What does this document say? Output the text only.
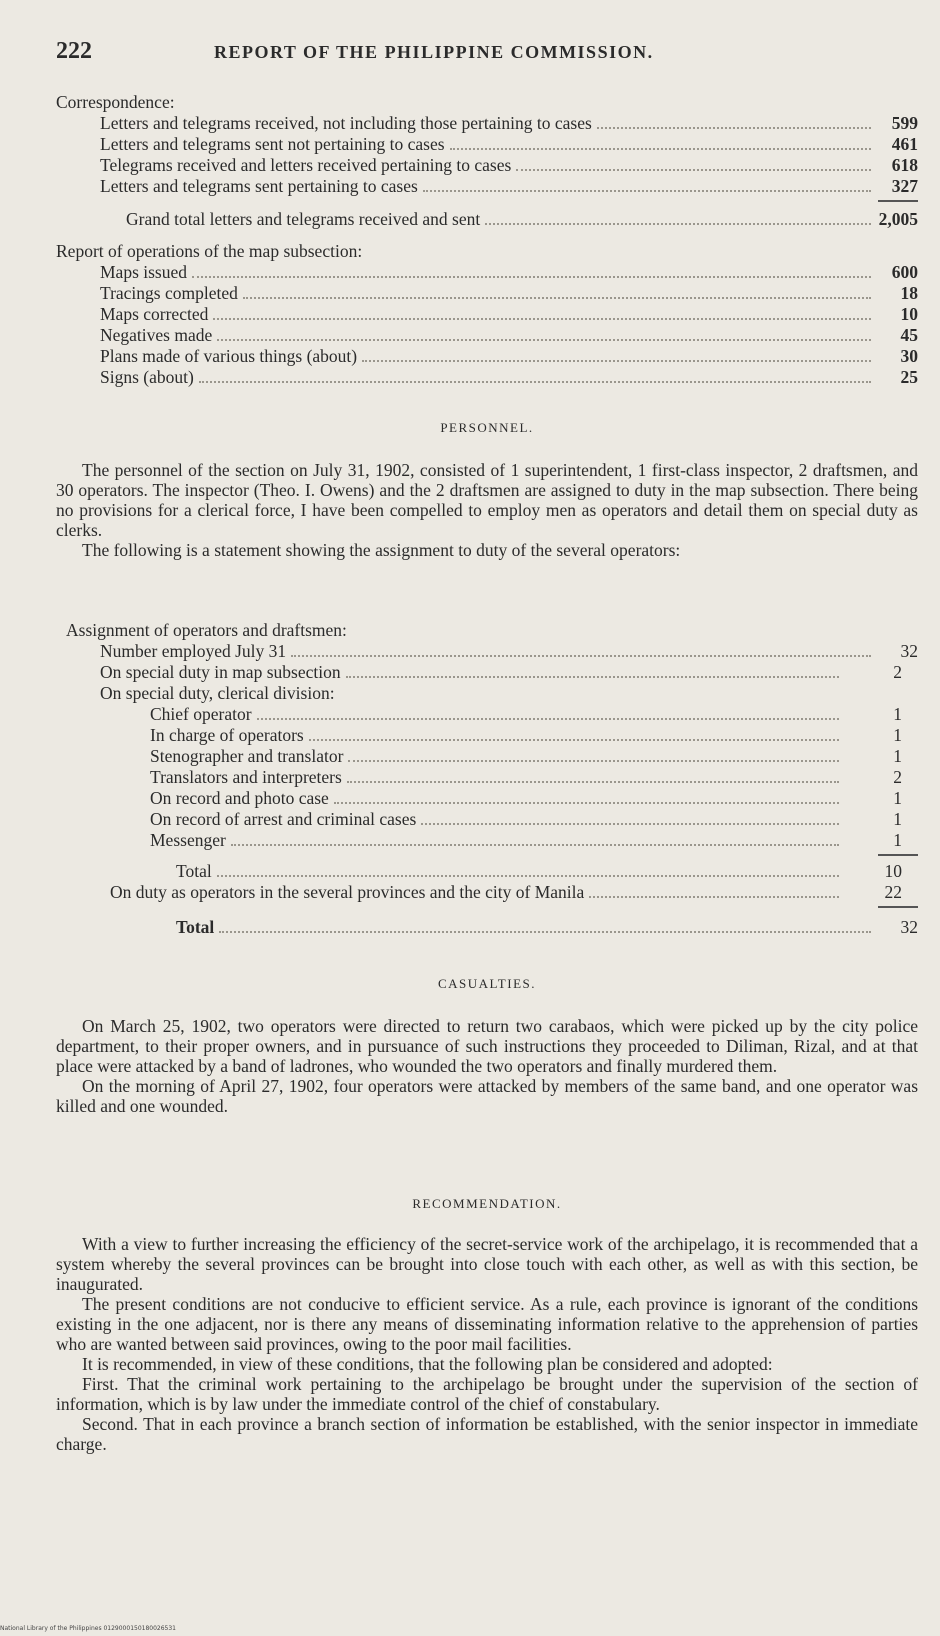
222	REPORT OF THE PHILIPPINE COMMISSION.
Correspondence:
Letters and telegrams received, not including those pertaining to cases	599
Letters and telegrams sent not pertaining to cases	461
Telegrams received and letters received pertaining to cases	618
Letters and telegrams sent pertaining to cases	327
Grand total letters and telegrams received and sent	2,005
Report of operations of the map subsection:
Maps issued	600
Tracings completed	18
Maps corrected	10
Negatives made	45
Plans made of various things (about)	30
Signs (about)	25
PERSONNEL.

The personnel of the section on July 31, 1902, consisted of 1 superintendent, 1 first-class inspector, 2 draftsmen, and 30 operators. The inspector (Theo. I. Owens) and the 2 draftsmen are assigned to duty in the map subsection. There being no provisions for a clerical force, I have been compelled to employ men as operators and detail them on special duty as clerks.

The following is a statement showing the assignment to duty of the several operators:

Assignment of operators and draftsmen:
Number employed July 31	32
On special duty in map subsection	2
On special duty, clerical division:
Chief operator	1
In charge of operators	1
Stenographer and translator	1
Translators and interpreters	2
On record and photo case	1
On record of arrest and criminal cases	1
Messenger	1
Total	10
On duty as operators in the several provinces and the city of Manila	22
Total	32
CASUALTIES.

On March 25, 1902, two operators were directed to return two carabaos, which were picked up by the city police department, to their proper owners, and in pursuance of such instructions they proceeded to Diliman, Rizal, and at that place were attacked by a band of ladrones, who wounded the two operators and finally murdered them.

On the morning of April 27, 1902, four operators were attacked by members of the same band, and one operator was killed and one wounded.

RECOMMENDATION.

With a view to further increasing the efficiency of the secret-service work of the archipelago, it is recommended that a system whereby the several provinces can be brought into close touch with each other, as well as with this section, be inaugurated.

The present conditions are not conducive to efficient service. As a rule, each province is ignorant of the conditions existing in the one adjacent, nor is there any means of disseminating information relative to the apprehension of parties who are wanted between said provinces, owing to the poor mail facilities.

It is recommended, in view of these conditions, that the following plan be considered and adopted:

First. That the criminal work pertaining to the archipelago be brought under the supervision of the section of information, which is by law under the immediate control of the chief of constabulary.

Second. That in each province a branch section of information be established, with the senior inspector in immediate charge.

National Library of the Philippines 0129000150180026531
